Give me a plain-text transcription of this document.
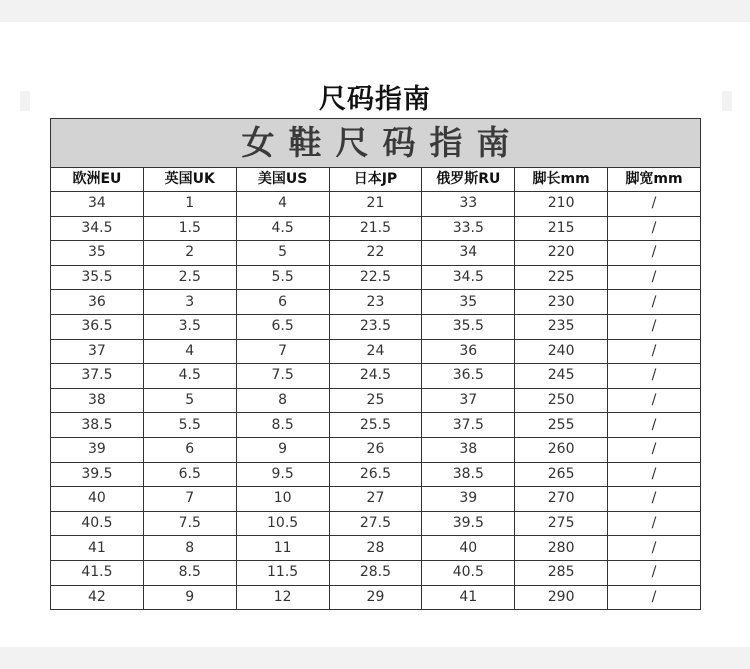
尺码指南
女鞋尺码指南						
欧洲EU	英国UK	美国US	日本JP	俄罗斯RU	脚长mm	脚宽mm
34	1	4	21	33	210	/
34.5	1.5	4.5	21.5	33.5	215	/
35	2	5	22	34	220	/
35.5	2.5	5.5	22.5	34.5	225	/
36	3	6	23	35	230	/
36.5	3.5	6.5	23.5	35.5	235	/
37	4	7	24	36	240	/
37.5	4.5	7.5	24.5	36.5	245	/
38	5	8	25	37	250	/
38.5	5.5	8.5	25.5	37.5	255	/
39	6	9	26	38	260	/
39.5	6.5	9.5	26.5	38.5	265	/
40	7	10	27	39	270	/
40.5	7.5	10.5	27.5	39.5	275	/
41	8	11	28	40	280	/
41.5	8.5	11.5	28.5	40.5	285	/
42	9	12	29	41	290	/
